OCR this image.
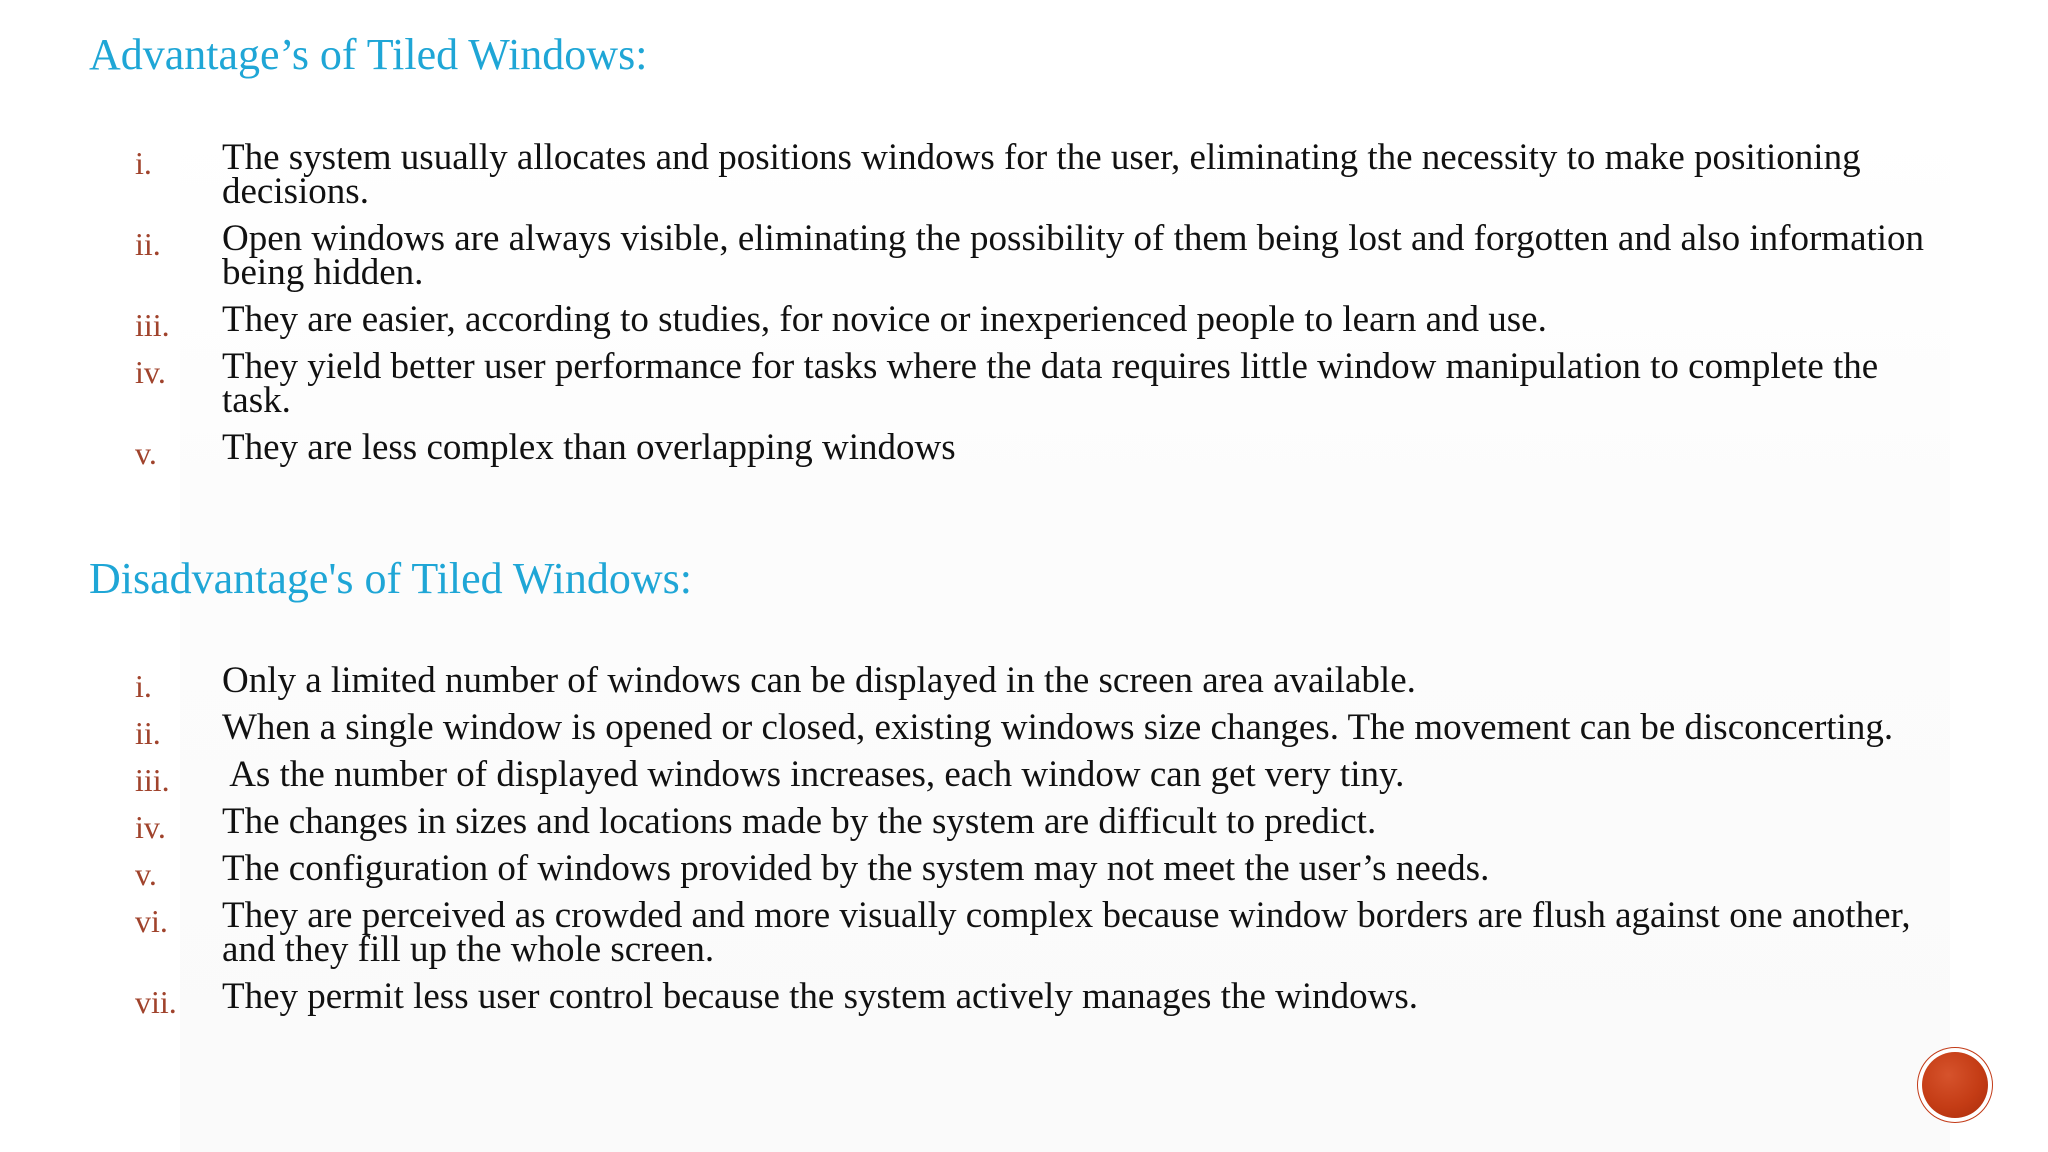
Advantage’s of Tiled Windows:
i. The system usually allocates and positions windows for the user, eliminating the necessity to make positioning decisions.
ii. Open windows are always visible, eliminating the possibility of them being lost and forgotten and also information being hidden.
iii. They are easier, according to studies, for novice or inexperienced people to learn and use.
iv. They yield better user performance for tasks where the data requires little window manipulation to complete the task.
v. They are less complex than overlapping windows
Disadvantage's of Tiled Windows:
i. Only a limited number of windows can be displayed in the screen area available.
ii. When a single window is opened or closed, existing windows size changes. The movement can be disconcerting.
iii. As the number of displayed windows increases, each window can get very tiny.
iv. The changes in sizes and locations made by the system are difficult to predict.
v. The configuration of windows provided by the system may not meet the user’s needs.
vi. They are perceived as crowded and more visually complex because window borders are flush against one another, and they fill up the whole screen.
vii. They permit less user control because the system actively manages the windows.
